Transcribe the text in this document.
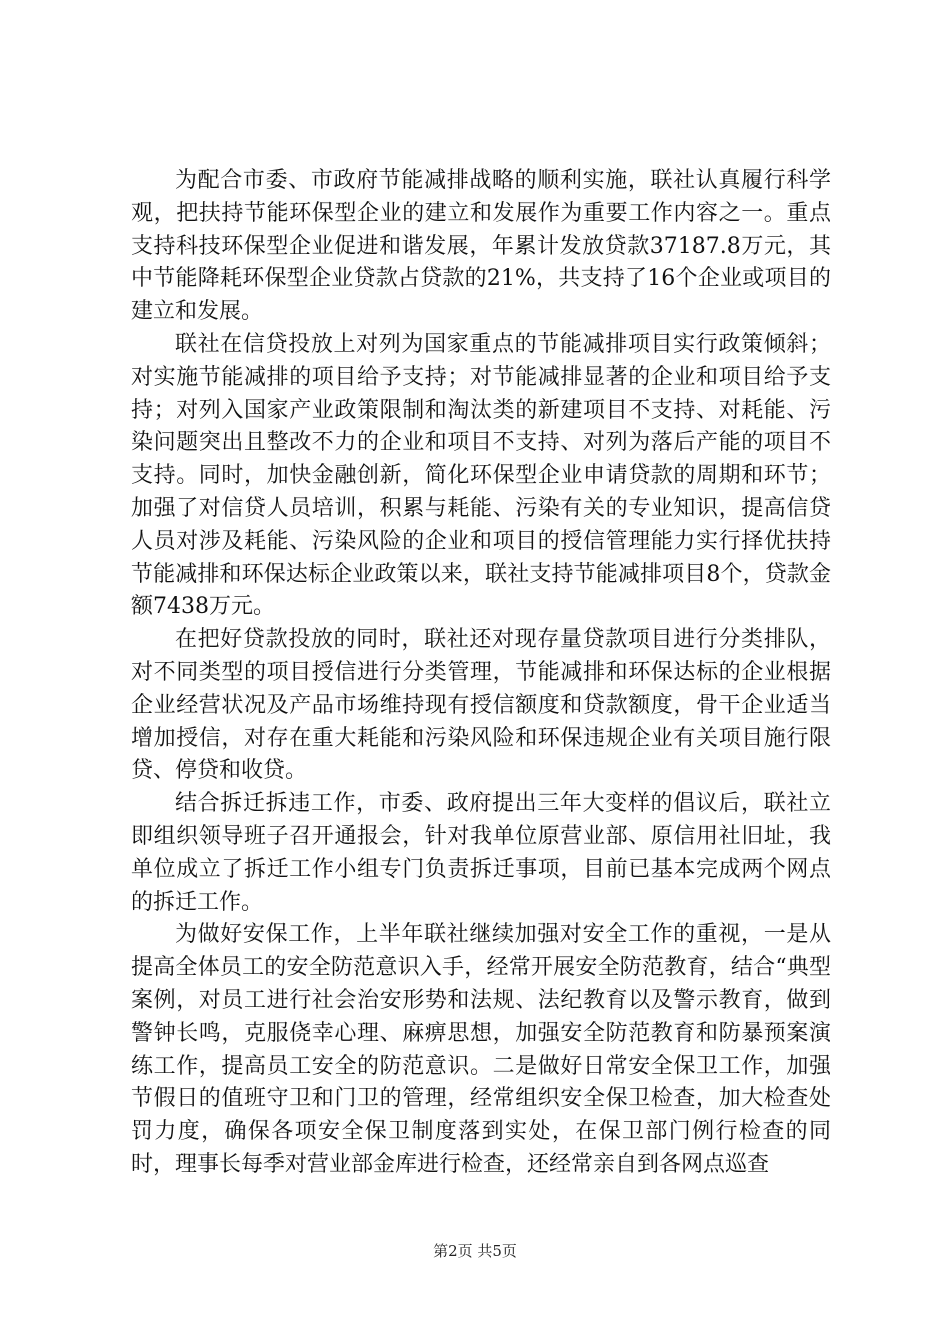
为配合市委、市政府节能减排战略的顺利实施，联社认真履行科学观，把扶持节能环保型企业的建立和发展作为重要工作内容之一。重点支持科技环保型企业促进和谐发展，年累计发放贷款37187.8万元，其中节能降耗环保型企业贷款占贷款的21%，共支持了16个企业或项目的建立和发展。

联社在信贷投放上对列为国家重点的节能减排项目实行政策倾斜；对实施节能减排的项目给予支持；对节能减排显著的企业和项目给予支持；对列入国家产业政策限制和淘汰类的新建项目不支持、对耗能、污染问题突出且整改不力的企业和项目不支持、对列为落后产能的项目不支持。同时，加快金融创新，简化环保型企业申请贷款的周期和环节；加强了对信贷人员培训，积累与耗能、污染有关的专业知识，提高信贷人员对涉及耗能、污染风险的企业和项目的授信管理能力实行择优扶持节能减排和环保达标企业政策以来，联社支持节能减排项目8个，贷款金额7438万元。

在把好贷款投放的同时，联社还对现存量贷款项目进行分类排队，对不同类型的项目授信进行分类管理，节能减排和环保达标的企业根据企业经营状况及产品市场维持现有授信额度和贷款额度，骨干企业适当增加授信，对存在重大耗能和污染风险和环保违规企业有关项目施行限贷、停贷和收贷。

结合拆迁拆违工作，市委、政府提出三年大变样的倡议后，联社立即组织领导班子召开通报会，针对我单位原营业部、原信用社旧址，我单位成立了拆迁工作小组专门负责拆迁事项，目前已基本完成两个网点的拆迁工作。

为做好安保工作，上半年联社继续加强对安全工作的重视，一是从提高全体员工的安全防范意识入手，经常开展安全防范教育，结合“典型案例，对员工进行社会治安形势和法规、法纪教育以及警示教育，做到警钟长鸣，克服侥幸心理、麻痹思想，加强安全防范教育和防暴预案演练工作，提高员工安全的防范意识。二是做好日常安全保卫工作，加强节假日的值班守卫和门卫的管理，经常组织安全保卫检查，加大检查处罚力度，确保各项安全保卫制度落到实处，在保卫部门例行检查的同时，理事长每季对营业部金库进行检查，还经常亲自到各网点巡查

第2页 共5页
